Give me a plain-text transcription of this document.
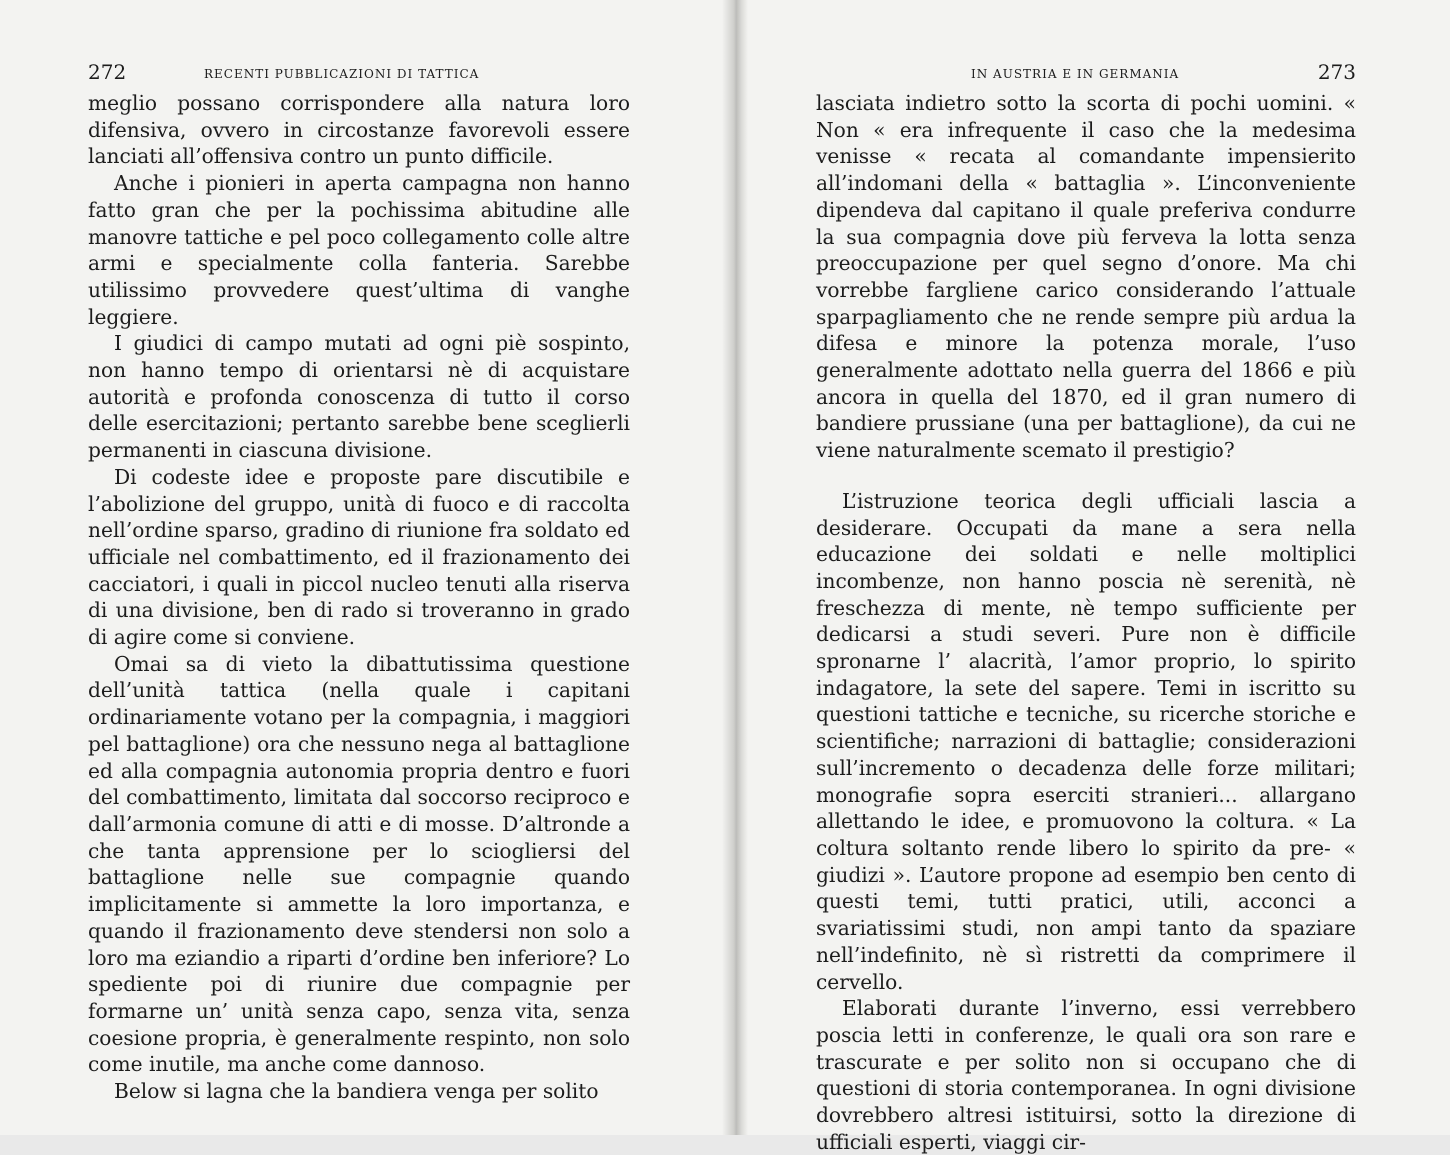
272	RECENTI PUBBLICAZIONI DI TATTICA

meglio possano corrispondere alla natura loro difensiva, ovvero in circostanze favorevoli essere lanciati all’offensiva contro un punto difficile.

Anche i pionieri in aperta campagna non hanno fatto gran che per la pochissima abitudine alle manovre tattiche e pel poco collegamento colle altre armi e specialmente colla fanteria. Sarebbe utilissimo provvedere quest’ultima di vanghe leggiere.

I giudici di campo mutati ad ogni piè sospinto, non hanno tempo di orientarsi nè di acquistare autorità e profonda conoscenza di tutto il corso delle esercitazioni; pertanto sarebbe bene sceglierli permanenti in ciascuna divisione.

Di codeste idee e proposte pare discutibile e l’abolizione del gruppo, unità di fuoco e di raccolta nell’ordine sparso, gradino di riunione fra soldato ed ufficiale nel combattimento, ed il frazionamento dei cacciatori, i quali in piccol nucleo tenuti alla riserva di una divisione, ben di rado si troveranno in grado di agire come si conviene.

Omai sa di vieto la dibattutissima questione dell’unità tattica (nella quale i capitani ordinariamente votano per la compagnia, i maggiori pel battaglione) ora che nessuno nega al battaglione ed alla compagnia autonomia propria dentro e fuori del combattimento, limitata dal soccorso reciproco e dall’armonia comune di atti e di mosse. D’altronde a che tanta apprensione per lo sciogliersi del battaglione nelle sue compagnie quando implicitamente si ammette la loro importanza, e quando il frazionamento deve stendersi non solo a loro ma eziandio a riparti d’ordine ben inferiore? Lo spediente poi di riunire due compagnie per formarne un’ unità senza capo, senza vita, senza coesione propria, è generalmente respinto, non solo come inutile, ma anche come dannoso.

Below si lagna che la bandiera venga per solito

IN AUSTRIA E IN GERMANIA	273

lasciata indietro sotto la scorta di pochi uomini. « Non « era infrequente il caso che la medesima venisse « recata al comandante impensierito all’indomani della « battaglia ». L’inconveniente dipendeva dal capitano il quale preferiva condurre la sua compagnia dove più ferveva la lotta senza preoccupazione per quel segno d’onore. Ma chi vorrebbe fargliene carico considerando l’attuale sparpagliamento che ne rende sempre più ardua la difesa e minore la potenza morale, l’uso generalmente adottato nella guerra del 1866 e più ancora in quella del 1870, ed il gran numero di bandiere prussiane (una per battaglione), da cui ne viene naturalmente scemato il prestigio?

L’istruzione teorica degli ufficiali lascia a desiderare. Occupati da mane a sera nella educazione dei soldati e nelle moltiplici incombenze, non hanno poscia nè serenità, nè freschezza di mente, nè tempo sufficiente per dedicarsi a studi severi. Pure non è difficile spronarne l’ alacrità, l’amor proprio, lo spirito indagatore, la sete del sapere. Temi in iscritto su questioni tattiche e tecniche, su ricerche storiche e scientifiche; narrazioni di battaglie; considerazioni sull’incremento o decadenza delle forze militari; monografie sopra eserciti stranieri... allargano allettando le idee, e promuovono la coltura. « La coltura soltanto rende libero lo spirito da pre- « giudizi ». L’autore propone ad esempio ben cento di questi temi, tutti pratici, utili, acconci a svariatissimi studi, non ampi tanto da spaziare nell’indefinito, nè sì ristretti da comprimere il cervello.

Elaborati durante l’inverno, essi verrebbero poscia letti in conferenze, le quali ora son rare e trascurate e per solito non si occupano che di questioni di storia contemporanea. In ogni divisione dovrebbero altresi istituirsi, sotto la direzione di ufficiali esperti, viaggi cir-
